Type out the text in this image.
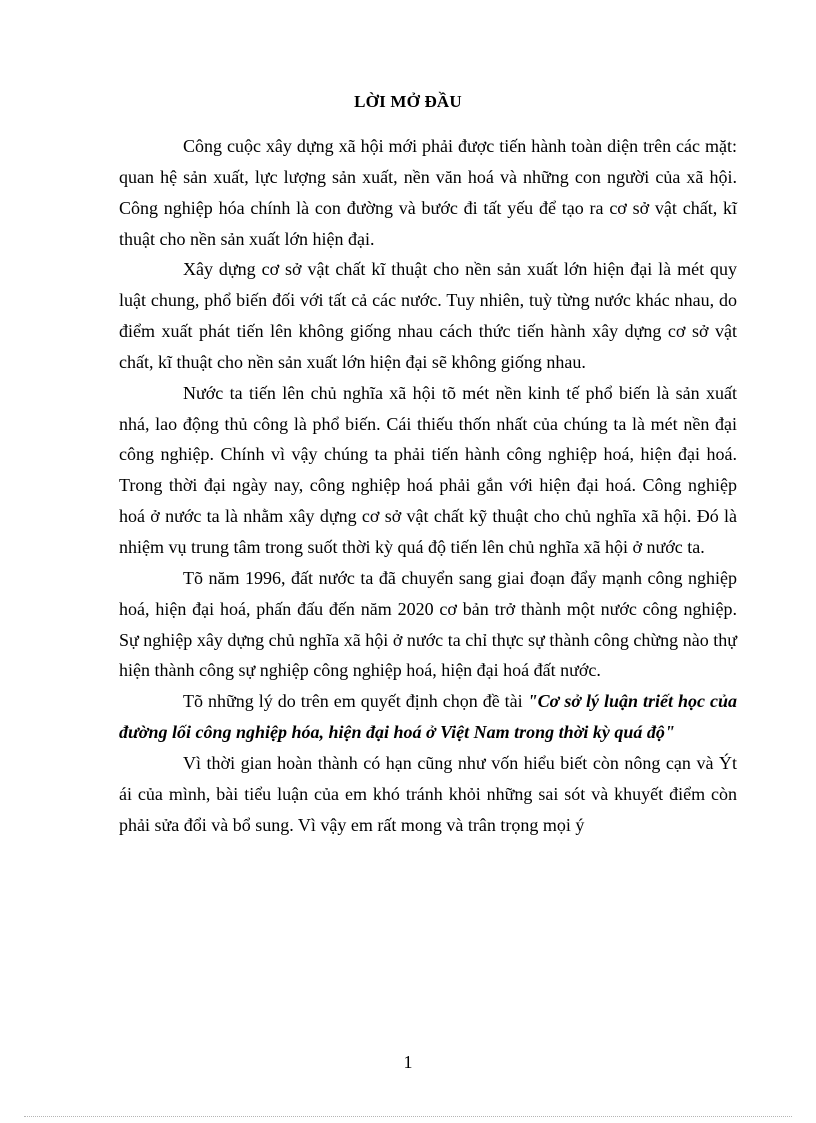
LỜI MỞ ĐẦU

Công cuộc xây dựng xã hội mới phải được tiến hành toàn diện trên các mặt: quan hệ sản xuất, lực lượng sản xuất, nền văn hoá và những con người của xã hội. Công nghiệp hóa chính là con đường và bước đi tất yếu để tạo ra cơ sở vật chất, kĩ thuật cho nền sản xuất lớn hiện đại.

Xây dựng cơ sở vật chất kĩ thuật cho nền sản xuất lớn hiện đại là mét quy luật chung, phổ biến đối với tất cả các nước. Tuy nhiên, tuỳ từng nước khác nhau, do điểm xuất phát tiến lên không giống nhau cách thức tiến hành xây dựng cơ sở vật chất, kĩ thuật cho nền sản xuất lớn hiện đại sẽ không giống nhau.

Nước ta tiến lên chủ nghĩa xã hội tõ mét nền kinh tế phổ biến là sản xuất nhá, lao động thủ công là phổ biến. Cái thiếu thốn nhất của chúng ta là mét nền đại công nghiệp. Chính vì vậy chúng ta phải tiến hành công nghiệp hoá, hiện đại hoá. Trong thời đại ngày nay, công nghiệp hoá phải gắn với hiện đại hoá. Công nghiệp hoá ở nước ta là nhằm xây dựng cơ sở vật chất kỹ thuật cho chủ nghĩa xã hội. Đó là nhiệm vụ trung tâm trong suốt thời kỳ quá độ tiến lên chủ nghĩa xã hội ở nước ta.

Tõ năm 1996, đất nước ta đã chuyển sang giai đoạn đẩy mạnh công nghiệp hoá, hiện đại hoá, phấn đấu đến năm 2020 cơ bản trở thành một nước công nghiệp. Sự nghiệp xây dựng chủ nghĩa xã hội ở nước ta chỉ thực sự thành công chừng nào thự hiện thành công sự nghiệp công nghiệp hoá, hiện đại hoá đất nước.

Tõ những lý do trên em quyết định chọn đề tài "Cơ sở lý luận triết học của đường lối công nghiệp hóa, hiện đại hoá ở Việt Nam trong thời kỳ quá độ"

Vì thời gian hoàn thành có hạn cũng như vốn hiểu biết còn nông cạn và Ýt ái của mình, bài tiểu luận của em khó tránh khỏi những sai sót và khuyết điểm còn phải sửa đổi và bổ sung. Vì vậy em rất mong và trân trọng mọi ý

1
